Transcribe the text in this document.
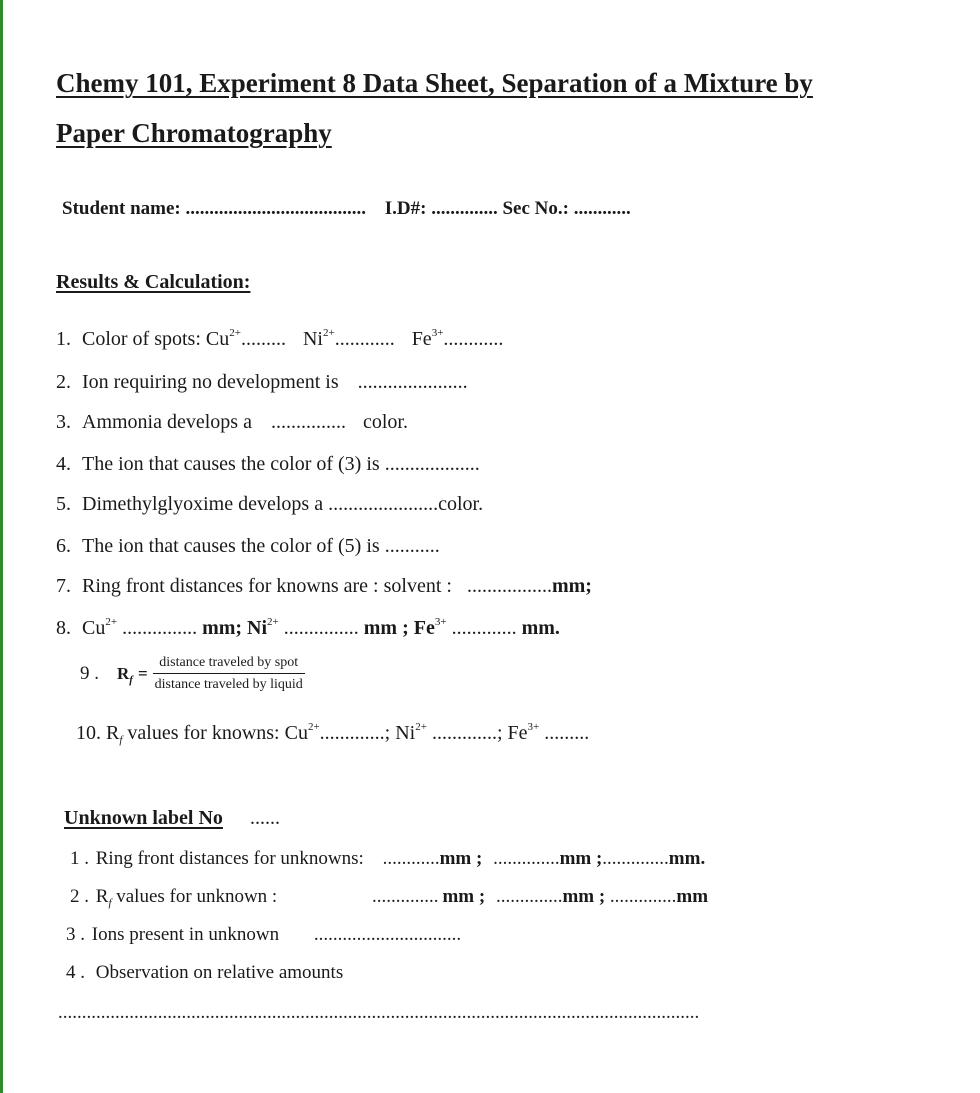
Chemy 101, Experiment 8 Data Sheet, Separation of a Mixture by
Paper Chromatography
Student name: ...................................... I.D#: .............. Sec No.: ............
Results & Calculation:
1. Color of spots: $Cu^{2+}$......... $Ni^{2+}$............ $Fe^{3+}$............
2. Ion requiring no development is ......................
3. Ammonia develops a ............... color.
4. The ion that causes the color of (3) is ...................
5. Dimethylglyoxime develops a ......................color.
6. The ion that causes the color of (5) is ...........
7. Ring front distances for knowns are : solvent : .................mm;
8. $Cu^{2+}$ ............... mm; $Ni^{2+}$ ............... mm ; $Fe^{3+}$ ............. mm.
9 . $R_f = \frac{\text{distance traveled by spot}}{\text{distance traveled by liquid}}$
10. $R_f$ values for knowns: $Cu^{2+}$.............; $Ni^{2+}$ .............; $Fe^{3+}$ .........
Unknown label No ......
1 . Ring front distances for unknowns: ............mm ; ..............mm ;..............mm.
2 . $R_f$ values for unknown :	.............. mm ; ..............mm ; ..............mm
3 . Ions present in unknown ...............................
4 . Observation on relative amounts
.......................................................................................................................................
